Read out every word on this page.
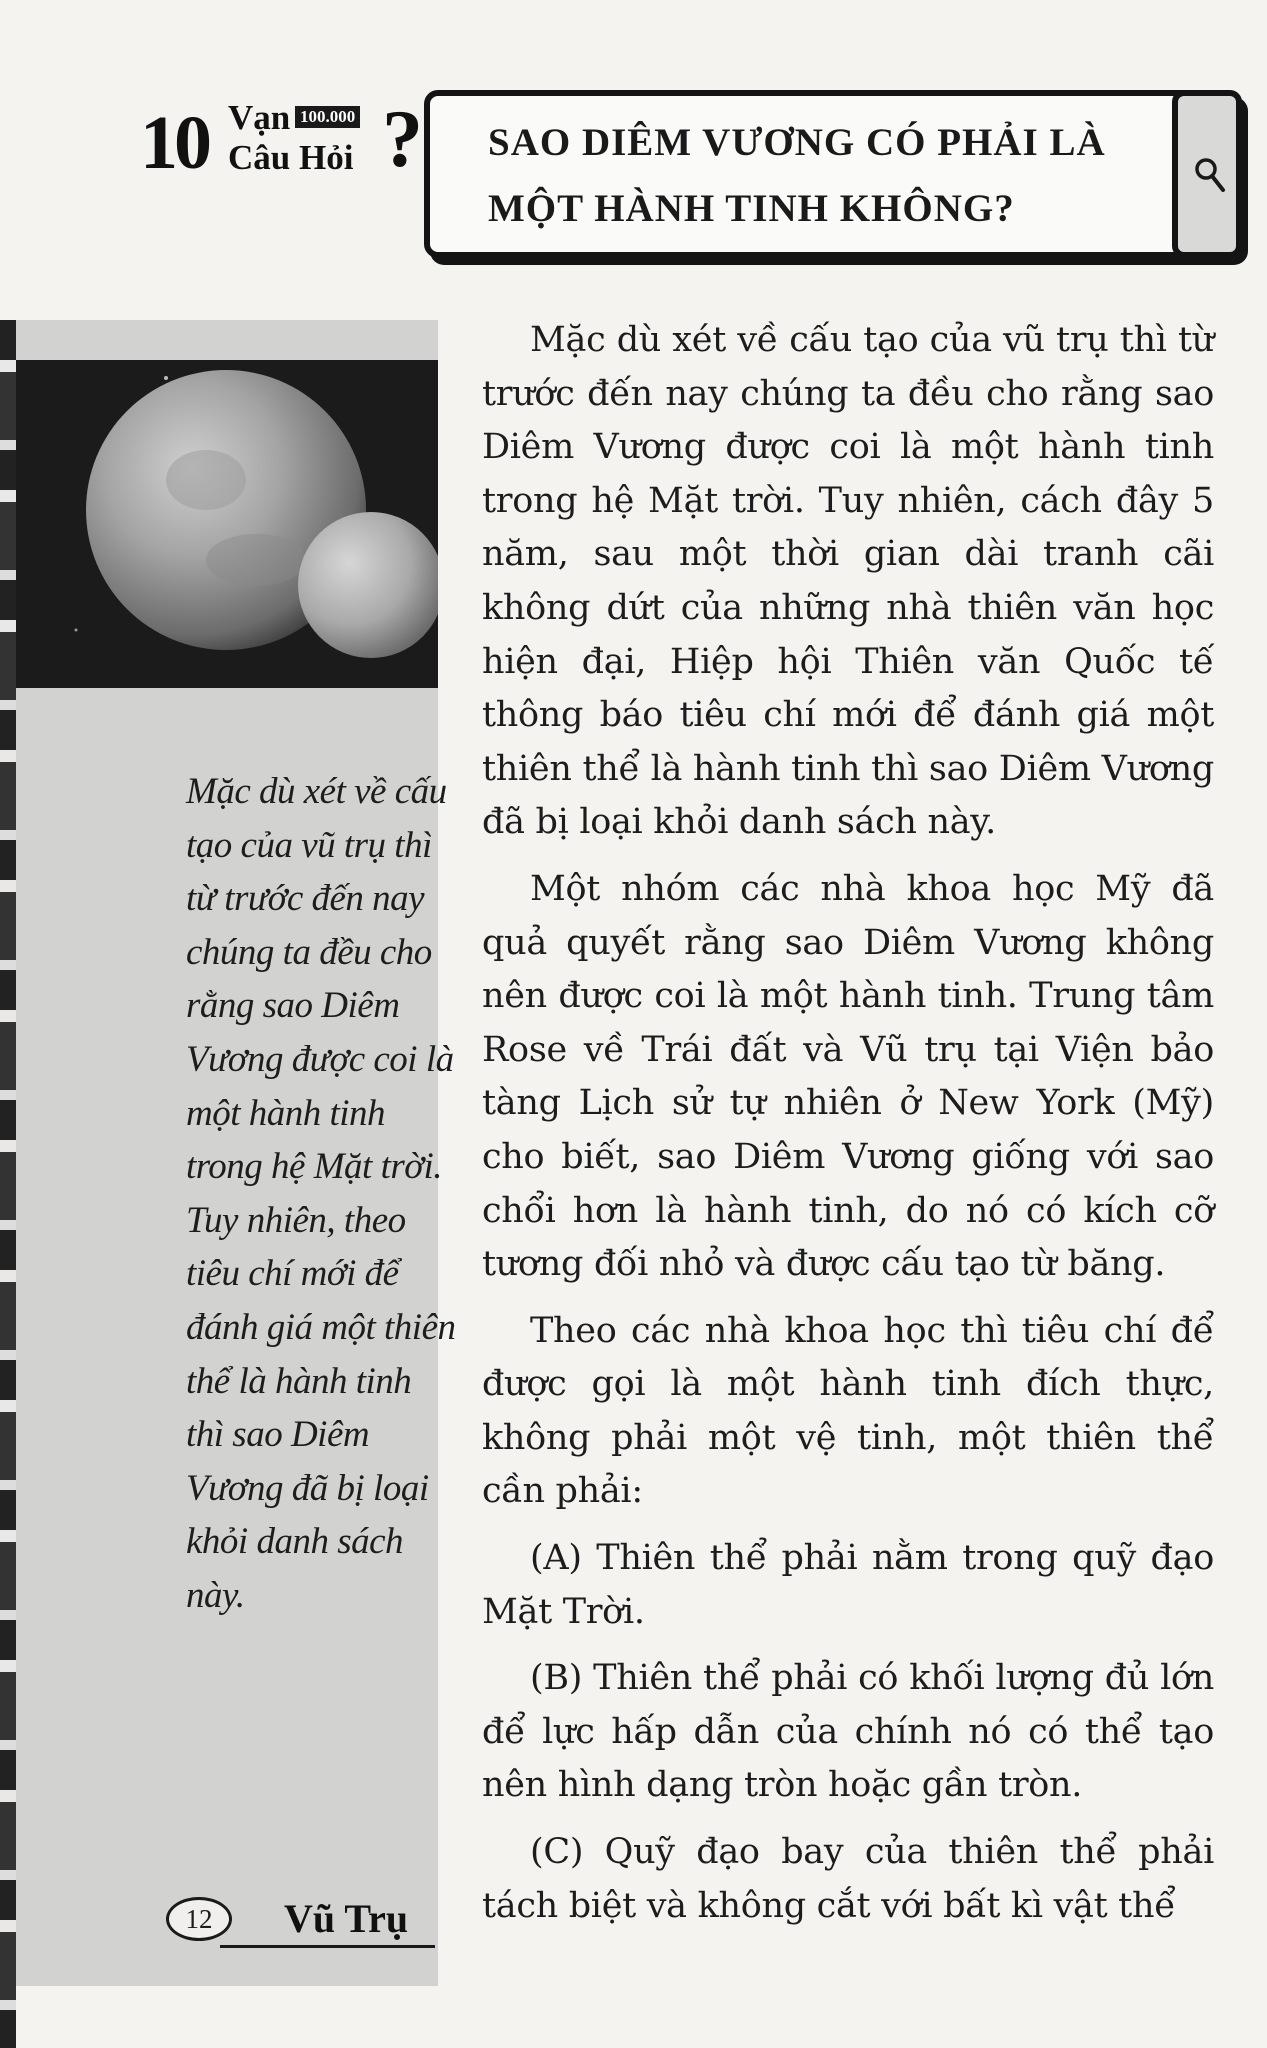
10 Vạn 100.000
Câu Hỏi ? SAO DIÊM VƯƠNG CÓ PHẢI LÀ MỘT HÀNH TINH KHÔNG?

Mặc dù xét về cấu tạo của vũ trụ thì từ trước đến nay chúng ta đều cho rằng sao Diêm Vương được coi là một hành tinh trong hệ Mặt trời. Tuy nhiên, theo tiêu chí mới để đánh giá một thiên thể là hành tinh thì sao Diêm Vương đã bị loại khỏi danh sách này.

12	Vũ Trụ

Mặc dù xét về cấu tạo của vũ trụ thì từ trước đến nay chúng ta đều cho rằng sao Diêm Vương được coi là một hành tinh trong hệ Mặt trời. Tuy nhiên, cách đây 5 năm, sau một thời gian dài tranh cãi không dứt của những nhà thiên văn học hiện đại, Hiệp hội Thiên văn Quốc tế thông báo tiêu chí mới để đánh giá một thiên thể là hành tinh thì sao Diêm Vương đã bị loại khỏi danh sách này.

Một nhóm các nhà khoa học Mỹ đã quả quyết rằng sao Diêm Vương không nên được coi là một hành tinh. Trung tâm Rose về Trái đất và Vũ trụ tại Viện bảo tàng Lịch sử tự nhiên ở New York (Mỹ) cho biết, sao Diêm Vương giống với sao chổi hơn là hành tinh, do nó có kích cỡ tương đối nhỏ và được cấu tạo từ băng.

Theo các nhà khoa học thì tiêu chí để được gọi là một hành tinh đích thực, không phải một vệ tinh, một thiên thể cần phải:

(A) Thiên thể phải nằm trong quỹ đạo Mặt Trời.

(B) Thiên thể phải có khối lượng đủ lớn để lực hấp dẫn của chính nó có thể tạo nên hình dạng tròn hoặc gần tròn.

(C) Quỹ đạo bay của thiên thể phải tách biệt và không cắt với bất kì vật thể
